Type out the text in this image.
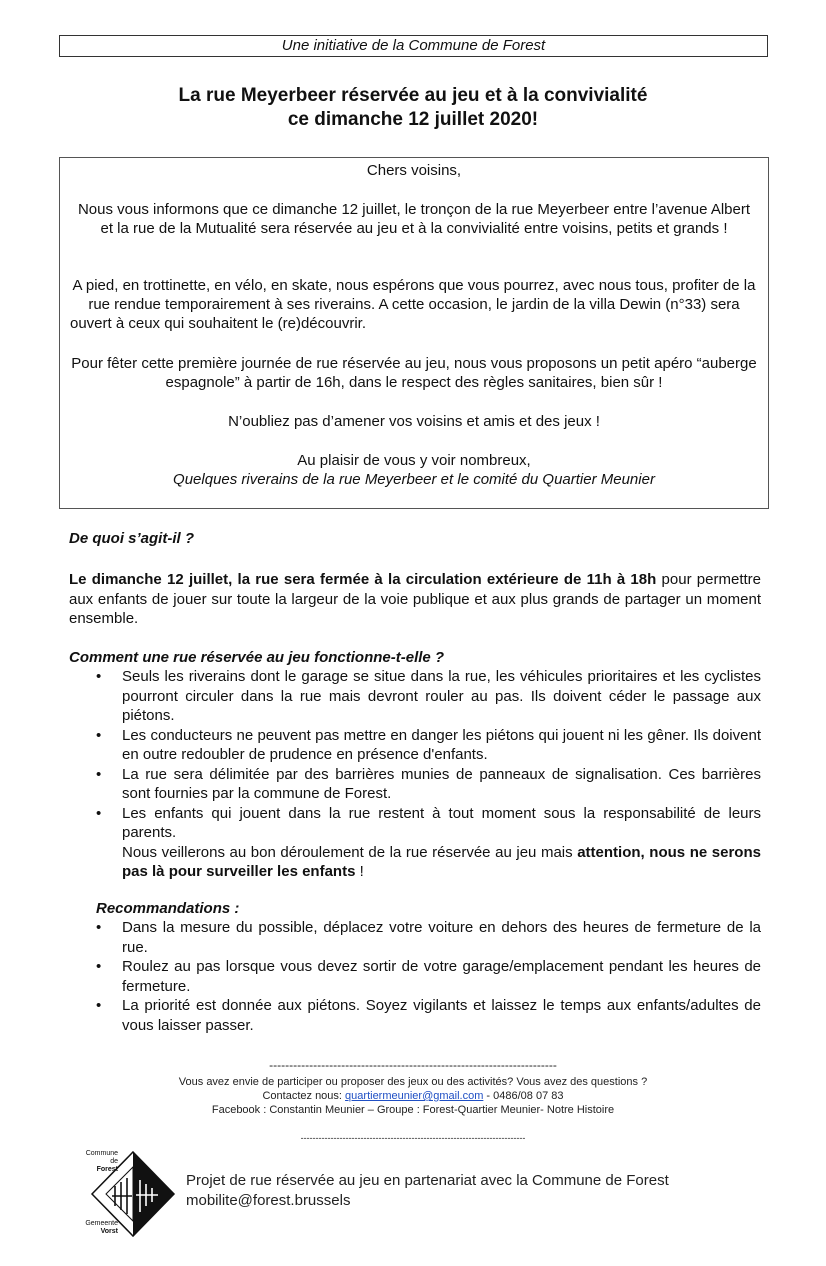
Une initiative de la Commune de Forest
La rue Meyerbeer réservée au jeu et à la convivialité
ce dimanche 12 juillet 2020!

Chers voisins,

Nous vous informons que ce dimanche 12 juillet, le tronçon de la rue Meyerbeer entre l’avenue Albert et la rue de la Mutualité sera réservée au jeu et à la convivialité entre voisins, petits et grands !

A pied, en trottinette, en vélo, en skate, nous espérons que vous pourrez, avec nous tous, profiter de la rue rendue temporairement à ses riverains. A cette occasion, le jardin de la villa Dewin (n°33) sera ouvert à ceux qui souhaitent le (re)découvrir.

Pour fêter cette première journée de rue réservée au jeu, nous vous proposons un petit apéro “auberge espagnole” à partir de 16h, dans le respect des règles sanitaires, bien sûr !

N’oubliez pas d’amener vos voisins et amis et des jeux !

Au plaisir de vous y voir nombreux,

Quelques riverains de la rue Meyerbeer et le comité du Quartier Meunier

De quoi s’agit-il ?
Le dimanche 12 juillet, la rue sera fermée à la circulation extérieure de 11h à 18h pour permettre aux enfants de jouer sur toute la largeur de la voie publique et aux plus grands de partager un moment ensemble.
Comment une rue réservée au jeu fonctionne-t-elle ?
• Seuls les riverains dont le garage se situe dans la rue, les véhicules prioritaires et les cyclistes pourront circuler dans la rue mais devront rouler au pas. Ils doivent céder le passage aux piétons.
• Les conducteurs ne peuvent pas mettre en danger les piétons qui jouent ni les gêner. Ils doivent en outre redoubler de prudence en présence d'enfants.
• La rue sera délimitée par des barrières munies de panneaux de signalisation. Ces barrières sont fournies par la commune de Forest.
• Les enfants qui jouent dans la rue restent à tout moment sous la responsabilité de leurs parents.
Nous veillerons au bon déroulement de la rue réservée au jeu mais attention, nous ne serons pas là pour surveiller les enfants !
Recommandations :
• Dans la mesure du possible, déplacez votre voiture en dehors des heures de fermeture de la rue.
• Roulez au pas lorsque vous devez sortir de votre garage/emplacement pendant les heures de fermeture.
• La priorité est donnée aux piétons. Soyez vigilants et laissez le temps aux enfants/adultes de vous laisser passer.
------------------------------------------------------------------------
Vous avez envie de participer ou proposer des jeux ou des activités? Vous avez des questions ?
Contactez nous: quartiermeunier@gmail.com - 0486/08 07 83
Facebook : Constantin Meunier – Groupe : Forest-Quartier Meunier- Notre Histoire
---------------------------------------------------------------------------
Commune
de
Forest
Gemeente
Vorst
Projet de rue réservée au jeu en partenariat avec la Commune de Forest
mobilite@forest.brussels
